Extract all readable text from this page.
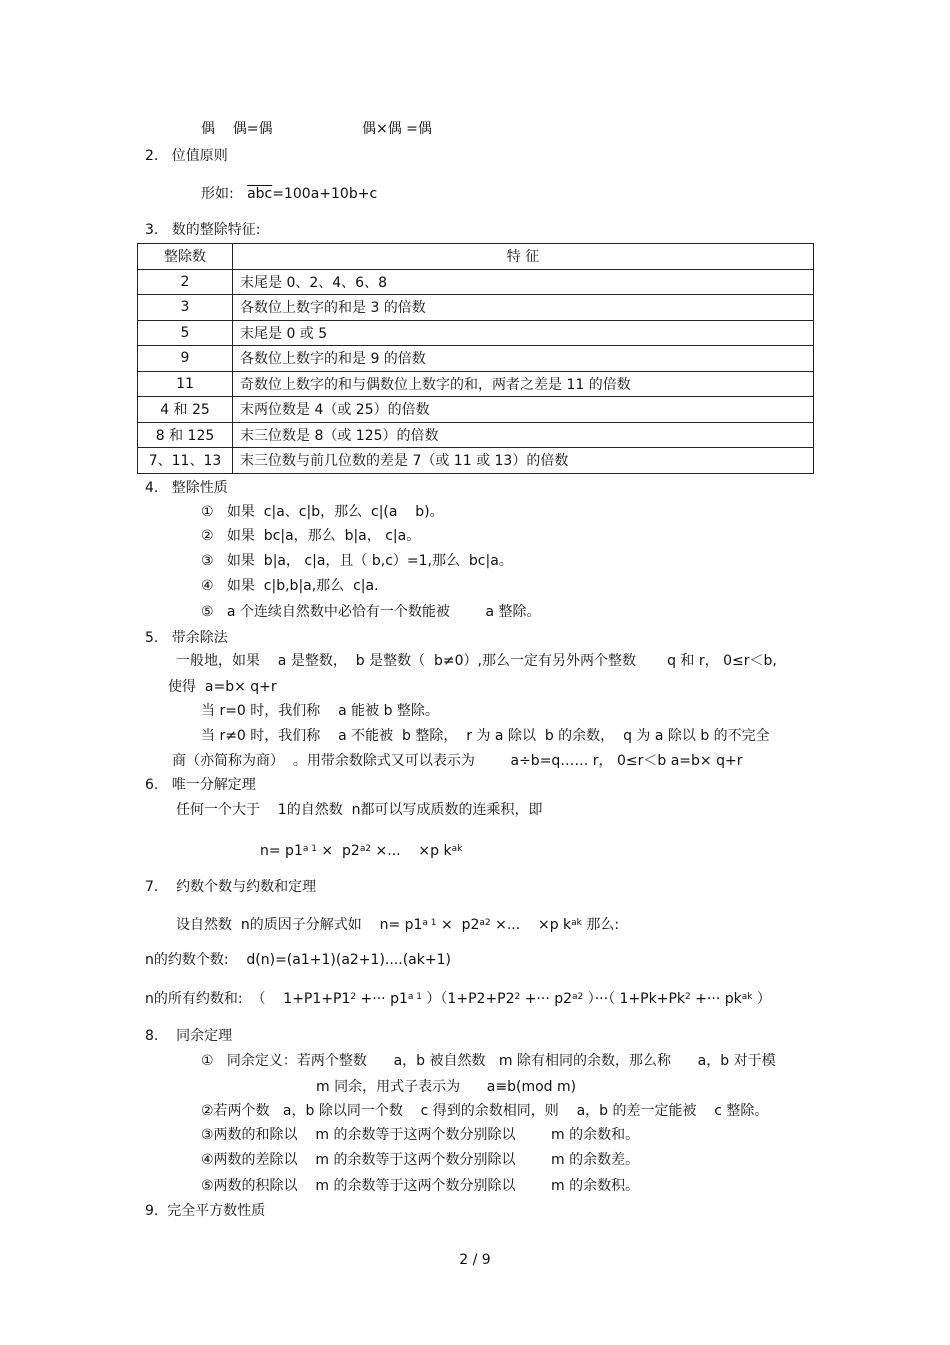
偶    偶=偶	偶×偶 =偶
2.   位值原则
形如: $\overline{abc}=100a+10b+c$
3.   数的整除特征:
整除数	特 征
2	末尾是 0、2、4、6、8
3	各数位上数字的和是 3 的倍数
5	末尾是 0 或 5
9	各数位上数字的和是 9 的倍数
11	奇数位上数字的和与偶数位上数字的和，两者之差是 11 的倍数
4 和 25	末两位数是 4（或 25）的倍数
8 和 125	末三位数是 8（或 125）的倍数
7、11、13	末三位数与前几位数的差是 7（或 11 或 13）的倍数
4.   整除性质
①   如果  c|a、c|b，那么  c|(a    b)。
②   如果  bc|a，那么  b|a， c|a。
③   如果  b|a， c|a，且（ b,c）=1,那么  bc|a。
④   如果  c|b,b|a,那么  c|a.
⑤   a 个连续自然数中必恰有一个数能被        a 整除。
5.   带余除法
一般地，如果    a 是整数，  b 是整数（  b≠0）,那么一定有另外两个整数       q 和 r， 0≤r＜b,
使得  a=b× q+r
当 r=0 时，我们称    a 能被 b 整除。
当 r≠0 时，我们称    a 不能被  b 整除，  r 为 a 除以  b 的余数，  q 为 a 除以 b 的不完全
商（亦简称为商）  。用带余数除式又可以表示为        a÷b=q…… r， 0≤r＜b a=b× q+r
6.   唯一分解定理
任何一个大于    1的自然数  n都可以写成质数的连乘积，即
$n= p1^{a 1} \times p2^{a2}$ ×...    ×p $k^{ak}$
7.    约数个数与约数和定理
设自然数  n的质因子分解式如    $n= p1^{a 1} \times p2^{a2}$ ×...    ×p $k^{ak}$ 那么:
n的约数个数:    d(n)=(a1+1)(a2+1)....(ak+1)
n的所有约数和:  （    $1+P1+P1^2$ +··· $p1^{a 1}$ ）（$1+P2+P2^2$ +··· $p2^{a2}$ ）···（ $1+Pk+Pk^2$ +··· $pk^{ak}$ ）
8.    同余定理
①   同余定义：若两个整数      a，b 被自然数   m 除有相同的余数，那么称      a，b 对于模
m 同余，用式子表示为      a≡b(mod m)
②若两个数   a，b 除以同一个数    c 得到的余数相同，则    a，b 的差一定能被    c 整除。
③两数的和除以    m 的余数等于这两个数分别除以        m 的余数和。
④两数的差除以    m 的余数等于这两个数分别除以        m 的余数差。
⑤两数的积除以    m 的余数等于这两个数分别除以        m 的余数积。
9.  完全平方数性质
2 / 9
